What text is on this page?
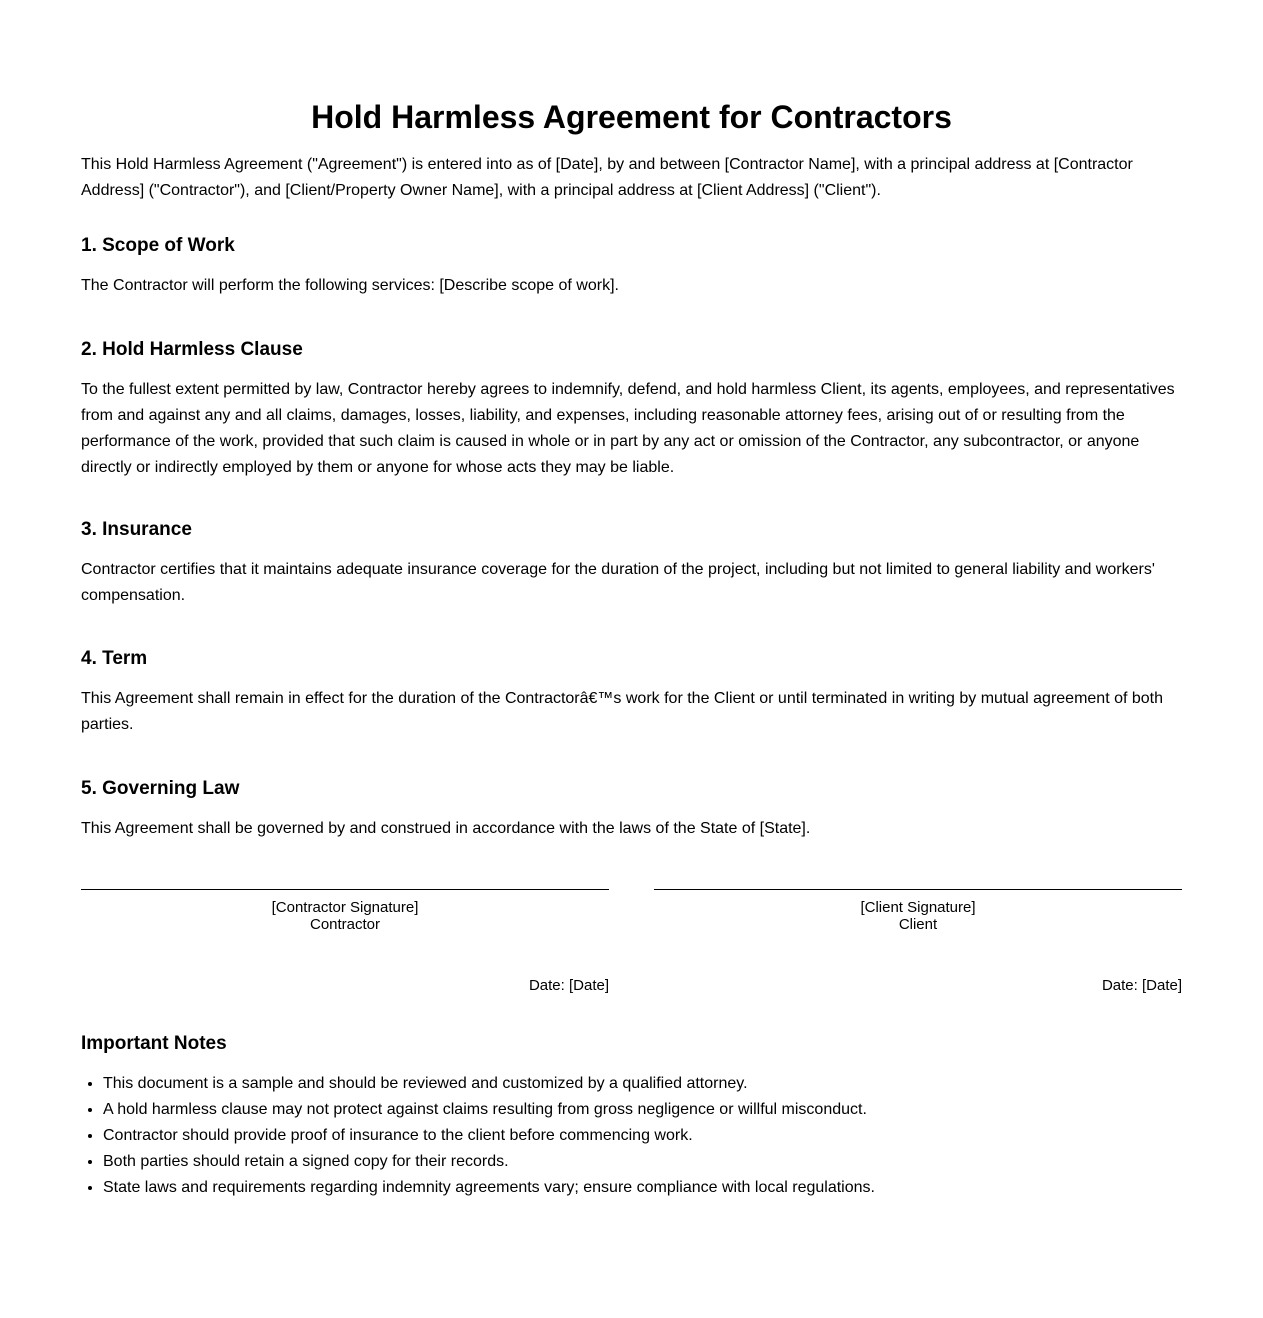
Hold Harmless Agreement for Contractors

This Hold Harmless Agreement ("Agreement") is entered into as of [Date], by and between [Contractor Name], with a principal address at [Contractor Address] ("Contractor"), and [Client/Property Owner Name], with a principal address at [Client Address] ("Client").

1. Scope of Work

The Contractor will perform the following services: [Describe scope of work].

2. Hold Harmless Clause

To the fullest extent permitted by law, Contractor hereby agrees to indemnify, defend, and hold harmless Client, its agents, employees, and representatives from and against any and all claims, damages, losses, liability, and expenses, including reasonable attorney fees, arising out of or resulting from the performance of the work, provided that such claim is caused in whole or in part by any act or omission of the Contractor, any subcontractor, or anyone directly or indirectly employed by them or anyone for whose acts they may be liable.

3. Insurance

Contractor certifies that it maintains adequate insurance coverage for the duration of the project, including but not limited to general liability and workers' compensation.

4. Term

This Agreement shall remain in effect for the duration of the Contractorâ€™s work for the Client or until terminated in writing by mutual agreement of both parties.

5. Governing Law

This Agreement shall be governed by and construed in accordance with the laws of the State of [State].

[Contractor Signature]
Contractor
Date: [Date]
[Client Signature]
Client
Date: [Date]
Important Notes
• This document is a sample and should be reviewed and customized by a qualified attorney.
• A hold harmless clause may not protect against claims resulting from gross negligence or willful misconduct.
• Contractor should provide proof of insurance to the client before commencing work.
• Both parties should retain a signed copy for their records.
• State laws and requirements regarding indemnity agreements vary; ensure compliance with local regulations.
